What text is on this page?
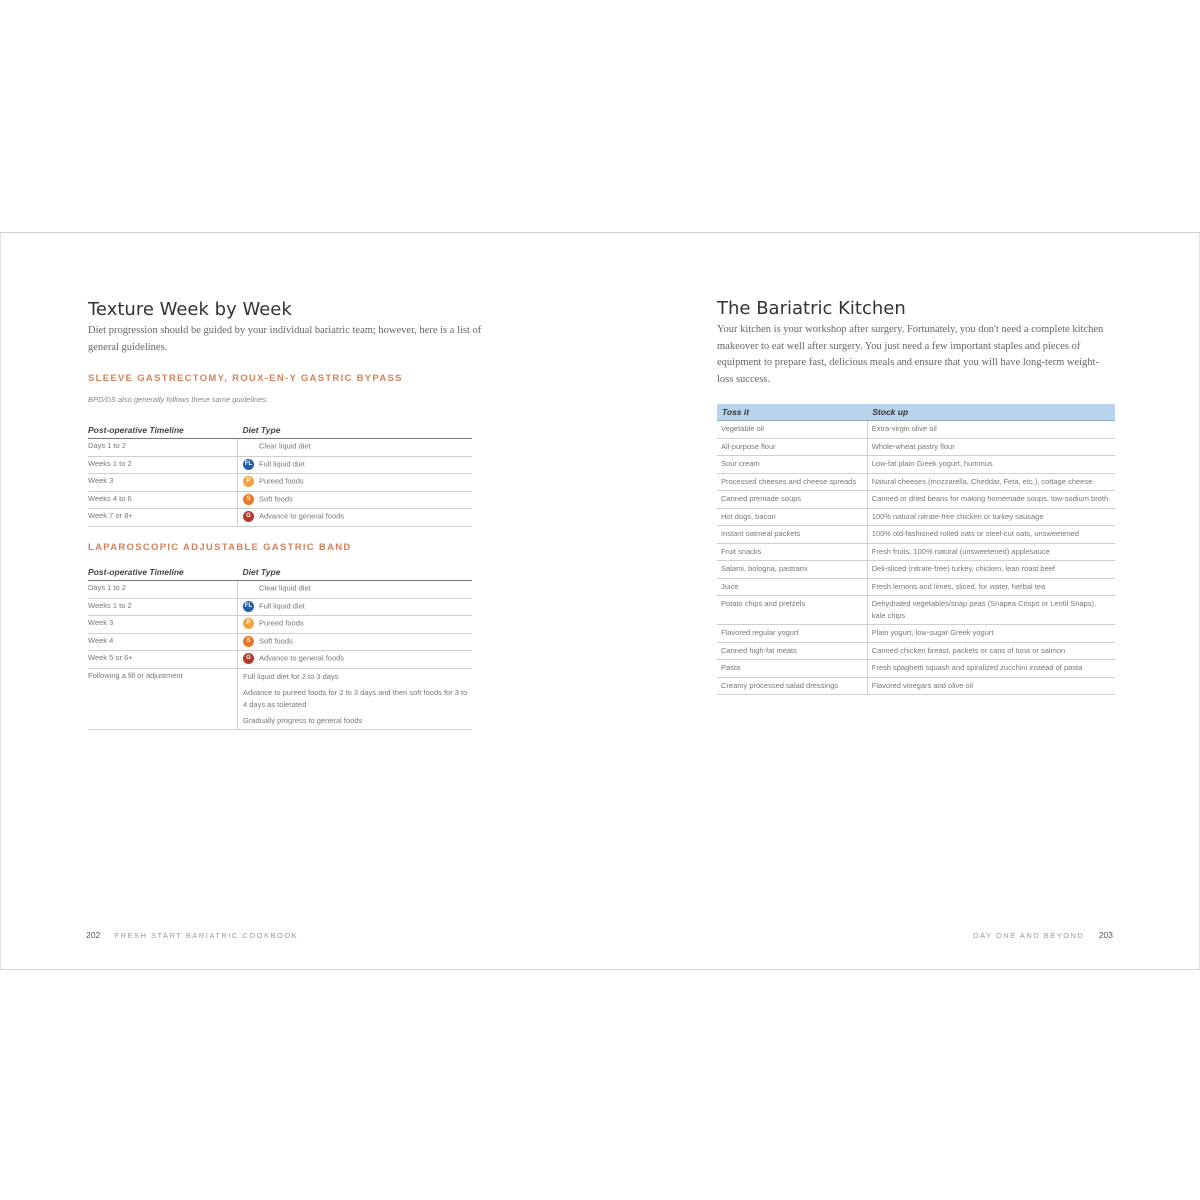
Texture Week by Week

Diet progression should be guided by your individual bariatric team; however, here is a list of general guidelines.

SLEEVE GASTRECTOMY, ROUX-EN-Y GASTRIC BYPASS

BPD/DS also generally follows these same guidelines.

Post-operative Timeline	Diet Type
Days 1 to 2	Clear liquid diet
Weeks 1 to 2	FL Full liquid diet
Week 3	P Pureed foods
Weeks 4 to 6	S Soft foods
Week 7 or 8+	G Advance to general foods

LAPAROSCOPIC ADJUSTABLE GASTRIC BAND

Post-operative Timeline	Diet Type
Days 1 to 2	Clear liquid diet
Weeks 1 to 2	FL Full liquid diet
Week 3	P Pureed foods
Week 4	S Soft foods
Week 5 or 6+	G Advance to general foods
Following a fill or adjustment	Full liquid diet for 2 to 3 days
Advance to pureed foods for 2 to 3 days and then soft foods for 3 to 4 days as tolerated
Gradually progress to general foods
202 FRESH START BARIATRIC COOKBOOK
The Bariatric Kitchen

Your kitchen is your workshop after surgery. Fortunately, you don't need a complete kitchen makeover to eat well after surgery. You just need a few important staples and pieces of equipment to prepare fast, delicious meals and ensure that you will have long-term weight-loss success.

Toss it	Stock up
Vegetable oil	Extra-virgin olive oil
All-purpose flour	Whole-wheat pastry flour
Sour cream	Low-fat plain Greek yogurt, hummus
Processed cheeses and cheese spreads	Natural cheeses (mozzarella, Cheddar, Feta, etc.), cottage cheese
Canned premade soups	Canned or dried beans for making homemade soups, low-sodium broth
Hot dogs, bacon	100% natural nitrate-free chicken or turkey sausage
Instant oatmeal packets	100% old-fashioned rolled oats or steel-cut oats, unsweetened
Fruit snacks	Fresh fruits, 100% natural (unsweetened) applesauce
Salami, bologna, pastrami	Deli-sliced (nitrate-free) turkey, chicken, lean roast beef
Juice	Fresh lemons and limes, sliced, for water, herbal tea
Potato chips and pretzels	Dehydrated vegetables/snap peas (Snapea Crisps or Lentil Snaps), kale chips
Flavored regular yogurt	Plain yogurt, low-sugar Greek yogurt
Canned high-fat meats	Canned chicken breast, packets or cans of tuna or salmon
Pasta	Fresh spaghetti squash and spiralized zucchini instead of pasta
Creamy processed salad dressings	Flavored vinegars and olive oil
DAY ONE AND BEYOND 203
